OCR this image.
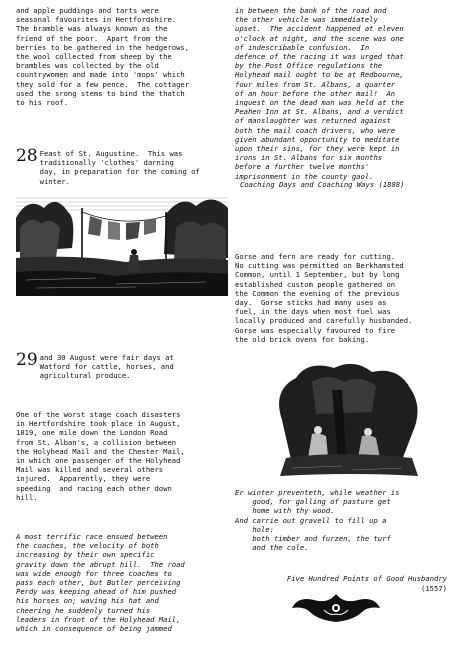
and apple puddings and tarts were
seasonal favourites in Hertfordshire.
The bramble was always known as the
friend of the poor.  Apart from the
berries to be gathered in the hedgerows,
the wool collected from sheep by the
brambles was collected by the old
countrywomen and made into 'mops' which
they sold for a few pence.  The cottager
used the srong stems to bind the thatch
to his roof.

28 Feast of St. Augustine.  This was
traditionally 'clothes' darning
day, in preparation for the coming of
winter.

29 and 30 August were fair days at
Watford for cattle, horses, and
agricultural produce.

One of the worst stage coach disasters
in Hertfordshire took place in August,
1819, one mile down the London Road
from St. Alban's, a collision between
the Holyhead Mail and the Chester Mail,
in which one passenger of the Holyhead
Mail was killed and several others
injured.  Apparently, they were
speeding  and racing each other down
hill.

A most terrific race ensued between
the coaches, the velocity of both
increasing by their own specific
gravity down the abrupt hill.  The road
was wide enough for three coaches to
pass each other, but Butler perceiving
Perdy was keeping ahead of him pushed
his horses on; waving his hat and
cheering he suddenly turned his
leaders in front of the Holyhead Mail,
which in consequence of being jammed

in between the bank of the road and
the other vehicle was immediately
upset.  The accident happened at eleven
o'clock at night, and the scene was one
of indescribable confusion.  In
defence of the racing it was urged that
by the Post Office regulations the
Holyhead mail ought to be at Redbourne,
four miles from St. Albans, a quarter
of an hour before the other mail!  An
inquest on the dead man was held at the
Peahen Inn at St. Albans, and a verdict
of manslaughter was returned against
both the mail coach drivers, who were
given abundant opportunity to meditate
upon their sins, for they were kept in
irons in St. Albans for six months
before a further twelve months'
imprisonment in the county gaol.

Coaching Days and Coaching Ways (1888)

Gorse and fern are ready for cutting.
No cutting was permitted on Berkhamsted
Common, until 1 September, but by long
established custom people gathered on
the Common the evening of the previous
day.  Gorse sticks had many uses as
fuel, in the days when most fuel was
locally produced and carefully husbanded.
Gorse was especially favoured to fire
the old brick ovens for baking.

Er winter preventeth, while weather is
good, for galling of pasture get
home with thy wood.
And carrie out gravell to fill up a
hole:
both timber and furzen, the turf
and the cole.

Five Hundred Points of Good Husbandry

(1557)
